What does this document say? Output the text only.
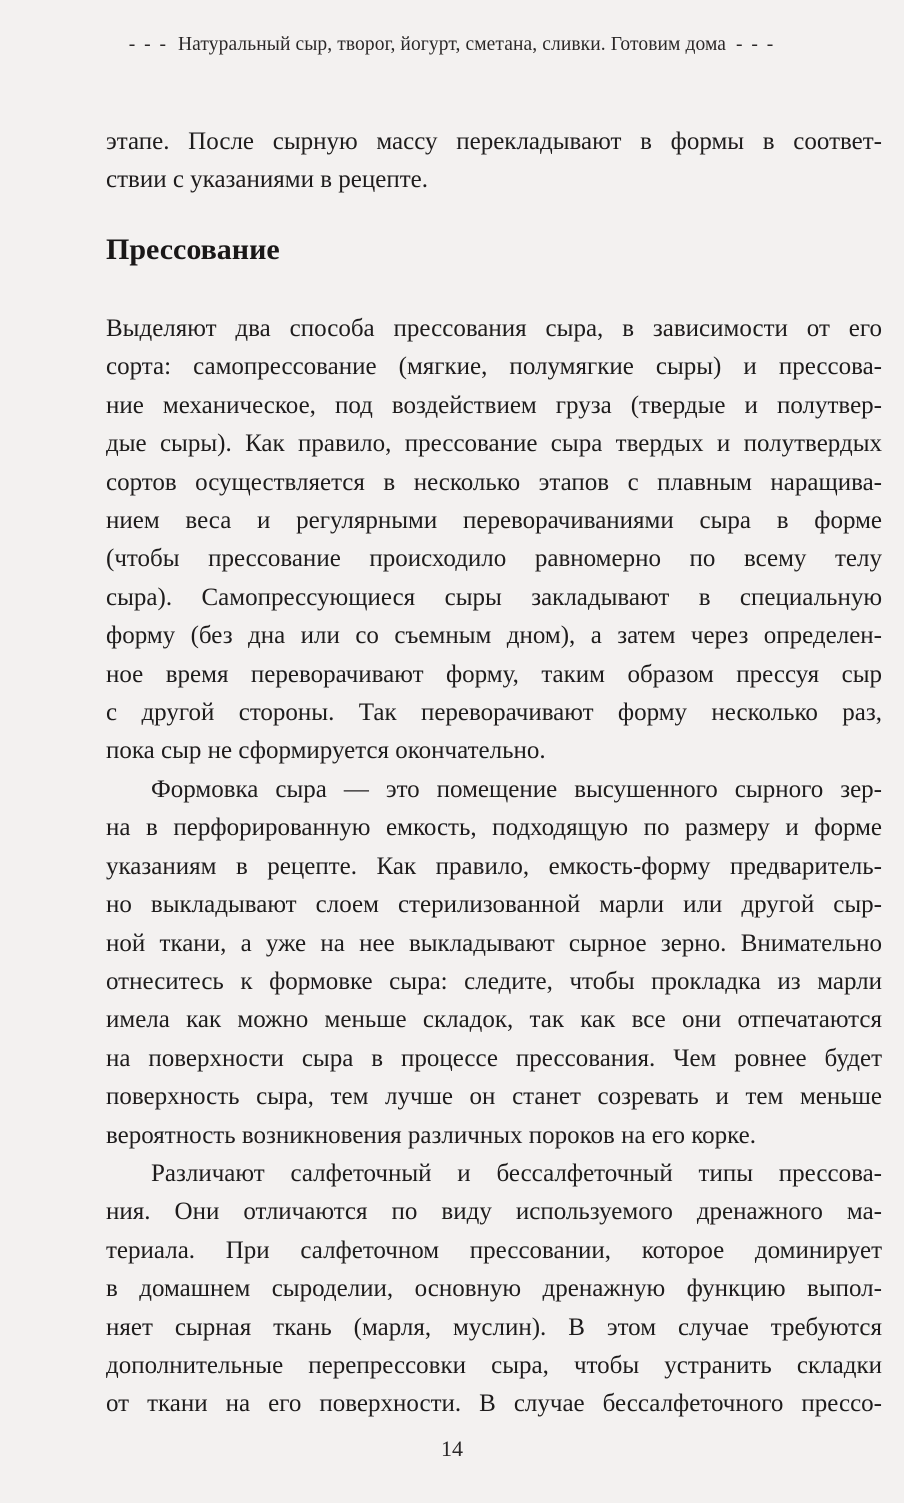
- - - Натуральный сыр, творог, йогурт, сметана, сливки. Готовим дома - - -
этапе. После сырную массу перекладывают в формы в соответ-
ствии с указаниями в рецепте.
Прессование
Выделяют два способа прессования сыра, в зависимости от его
сорта: самопрессование (мягкие, полумягкие сыры) и прессова-
ние механическое, под воздействием груза (твердые и полутвер-
дые сыры). Как правило, прессование сыра твердых и полутвердых
сортов осуществляется в несколько этапов с плавным наращива-
нием веса и регулярными переворачиваниями сыра в форме
(чтобы прессование происходило равномерно по всему телу
сыра). Самопрессующиеся сыры закладывают в специальную
форму (без дна или со съемным дном), а затем через определен-
ное время переворачивают форму, таким образом прессуя сыр
с другой стороны. Так переворачивают форму несколько раз,
пока сыр не сформируется окончательно.
Формовка сыра — это помещение высушенного сырного зер-
на в перфорированную емкость, подходящую по размеру и форме
указаниям в рецепте. Как правило, емкость-форму предваритель-
но выкладывают слоем стерилизованной марли или другой сыр-
ной ткани, а уже на нее выкладывают сырное зерно. Внимательно
отнеситесь к формовке сыра: следите, чтобы прокладка из марли
имела как можно меньше складок, так как все они отпечатаются
на поверхности сыра в процессе прессования. Чем ровнее будет
поверхность сыра, тем лучше он станет созревать и тем меньше
вероятность возникновения различных пороков на его корке.
Различают салфеточный и бессалфеточный типы прессова-
ния. Они отличаются по виду используемого дренажного ма-
териала. При салфеточном прессовании, которое доминирует
в домашнем сыроделии, основную дренажную функцию выпол-
няет сырная ткань (марля, муслин). В этом случае требуются
дополнительные перепрессовки сыра, чтобы устранить складки
от ткани на его поверхности. В случае бессалфеточного прессо-
14
